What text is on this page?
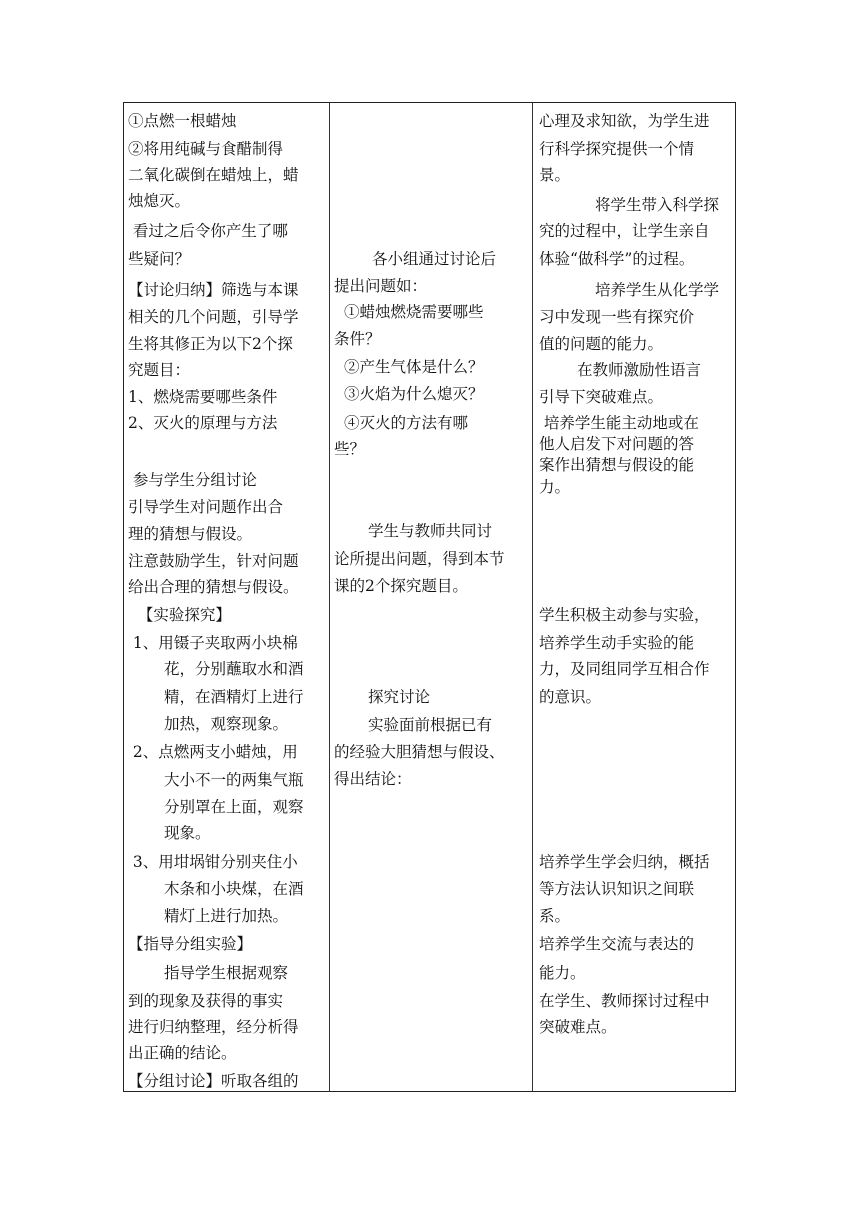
①点燃一根蜡烛
②将用纯碱与食醋制得
二氧化碳倒在蜡烛上，蜡
烛熄灭。
看过之后令你产生了哪
些疑问？
【讨论归纳】筛选与本课
相关的几个问题，引导学
生将其修正为以下2个探
究题目：
1、燃烧需要哪些条件
2、灭火的原理与方法
参与学生分组讨论
引导学生对问题作出合
理的猜想与假设。
注意鼓励学生，针对问题
给出合理的猜想与假设。
【实验探究】
1、用镊子夹取两小块棉
花，分别蘸取水和酒
精，在酒精灯上进行
加热，观察现象。
2、点燃两支小蜡烛，用
大小不一的两集气瓶
分别罩在上面，观察
现象。
3、用坩埚钳分别夹住小
木条和小块煤，在酒
精灯上进行加热。
【指导分组实验】
指导学生根据观察
到的现象及获得的事实
进行归纳整理，经分析得
出正确的结论。
【分组讨论】听取各组的
各小组通过讨论后
提出问题如：
①蜡烛燃烧需要哪些
条件？
②产生气体是什么？
③火焰为什么熄灭？
④灭火的方法有哪
些？
学生与教师共同讨
论所提出问题，得到本节
课的2个探究题目。
探究讨论
实验面前根据已有
的经验大胆猜想与假设、
得出结论：
心理及求知欲，为学生进
行科学探究提供一个情
景。
将学生带入科学探
究的过程中，让学生亲自
体验“做科学”的过程。
培养学生从化学学
习中发现一些有探究价
值的问题的能力。
在教师激励性语言
引导下突破难点。
培养学生能主动地或在
他人启发下对问题的答
案作出猜想与假设的能
力。
学生积极主动参与实验，
培养学生动手实验的能
力，及同组同学互相合作
的意识。
培养学生学会归纳，概括
等方法认识知识之间联
系。
培养学生交流与表达的
能力。
在学生、教师探讨过程中
突破难点。
